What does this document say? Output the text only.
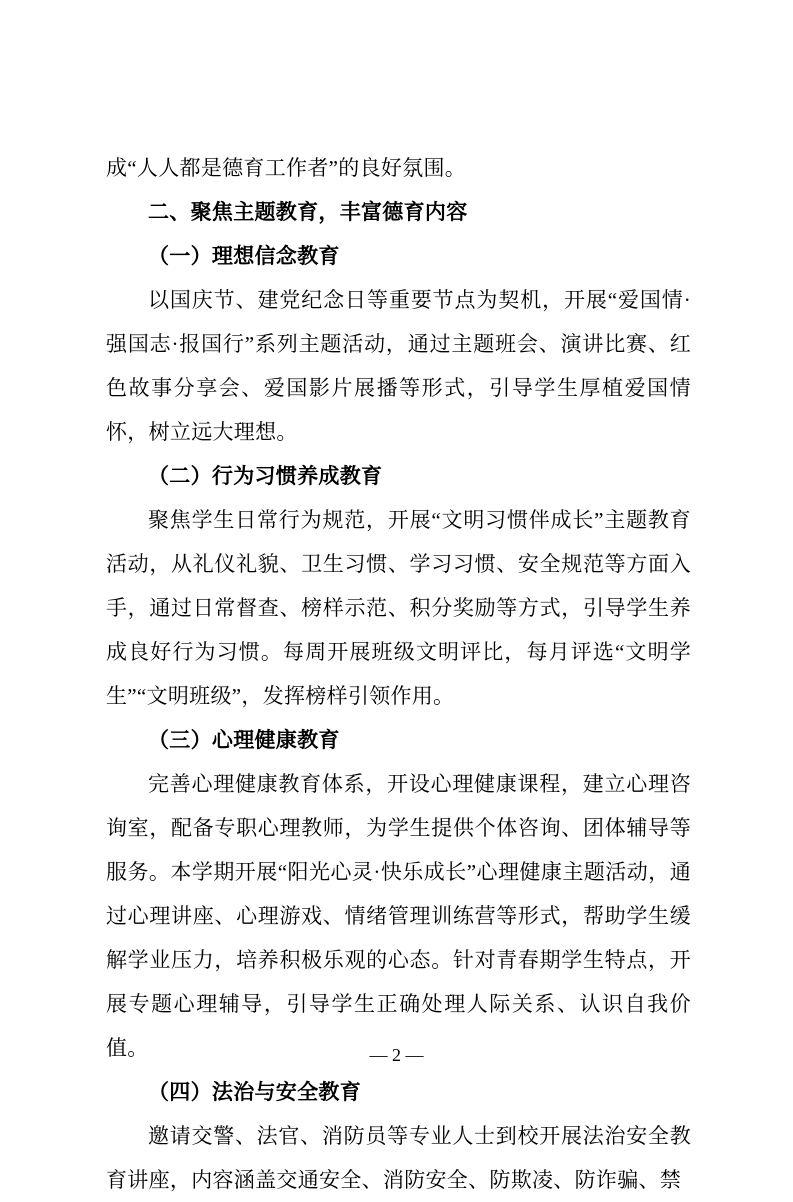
成“人人都是德育工作者”的良好氛围。

二、聚焦主题教育，丰富德育内容

（一）理想信念教育

以国庆节、建党纪念日等重要节点为契机，开展“爱国情·强国志·报国行”系列主题活动，通过主题班会、演讲比赛、红色故事分享会、爱国影片展播等形式，引导学生厚植爱国情怀，树立远大理想。

（二）行为习惯养成教育

聚焦学生日常行为规范，开展“文明习惯伴成长”主题教育活动，从礼仪礼貌、卫生习惯、学习习惯、安全规范等方面入手，通过日常督查、榜样示范、积分奖励等方式，引导学生养成良好行为习惯。每周开展班级文明评比，每月评选“文明学生”“文明班级”，发挥榜样引领作用。

（三）心理健康教育

完善心理健康教育体系，开设心理健康课程，建立心理咨询室，配备专职心理教师，为学生提供个体咨询、团体辅导等服务。本学期开展“阳光心灵·快乐成长”心理健康主题活动，通过心理讲座、心理游戏、情绪管理训练营等形式，帮助学生缓解学业压力，培养积极乐观的心态。针对青春期学生特点，开展专题心理辅导，引导学生正确处理人际关系、认识自我价值。

（四）法治与安全教育

邀请交警、法官、消防员等专业人士到校开展法治安全教育讲座，内容涵盖交通安全、消防安全、防欺凌、防诈骗、禁

— 2 —
